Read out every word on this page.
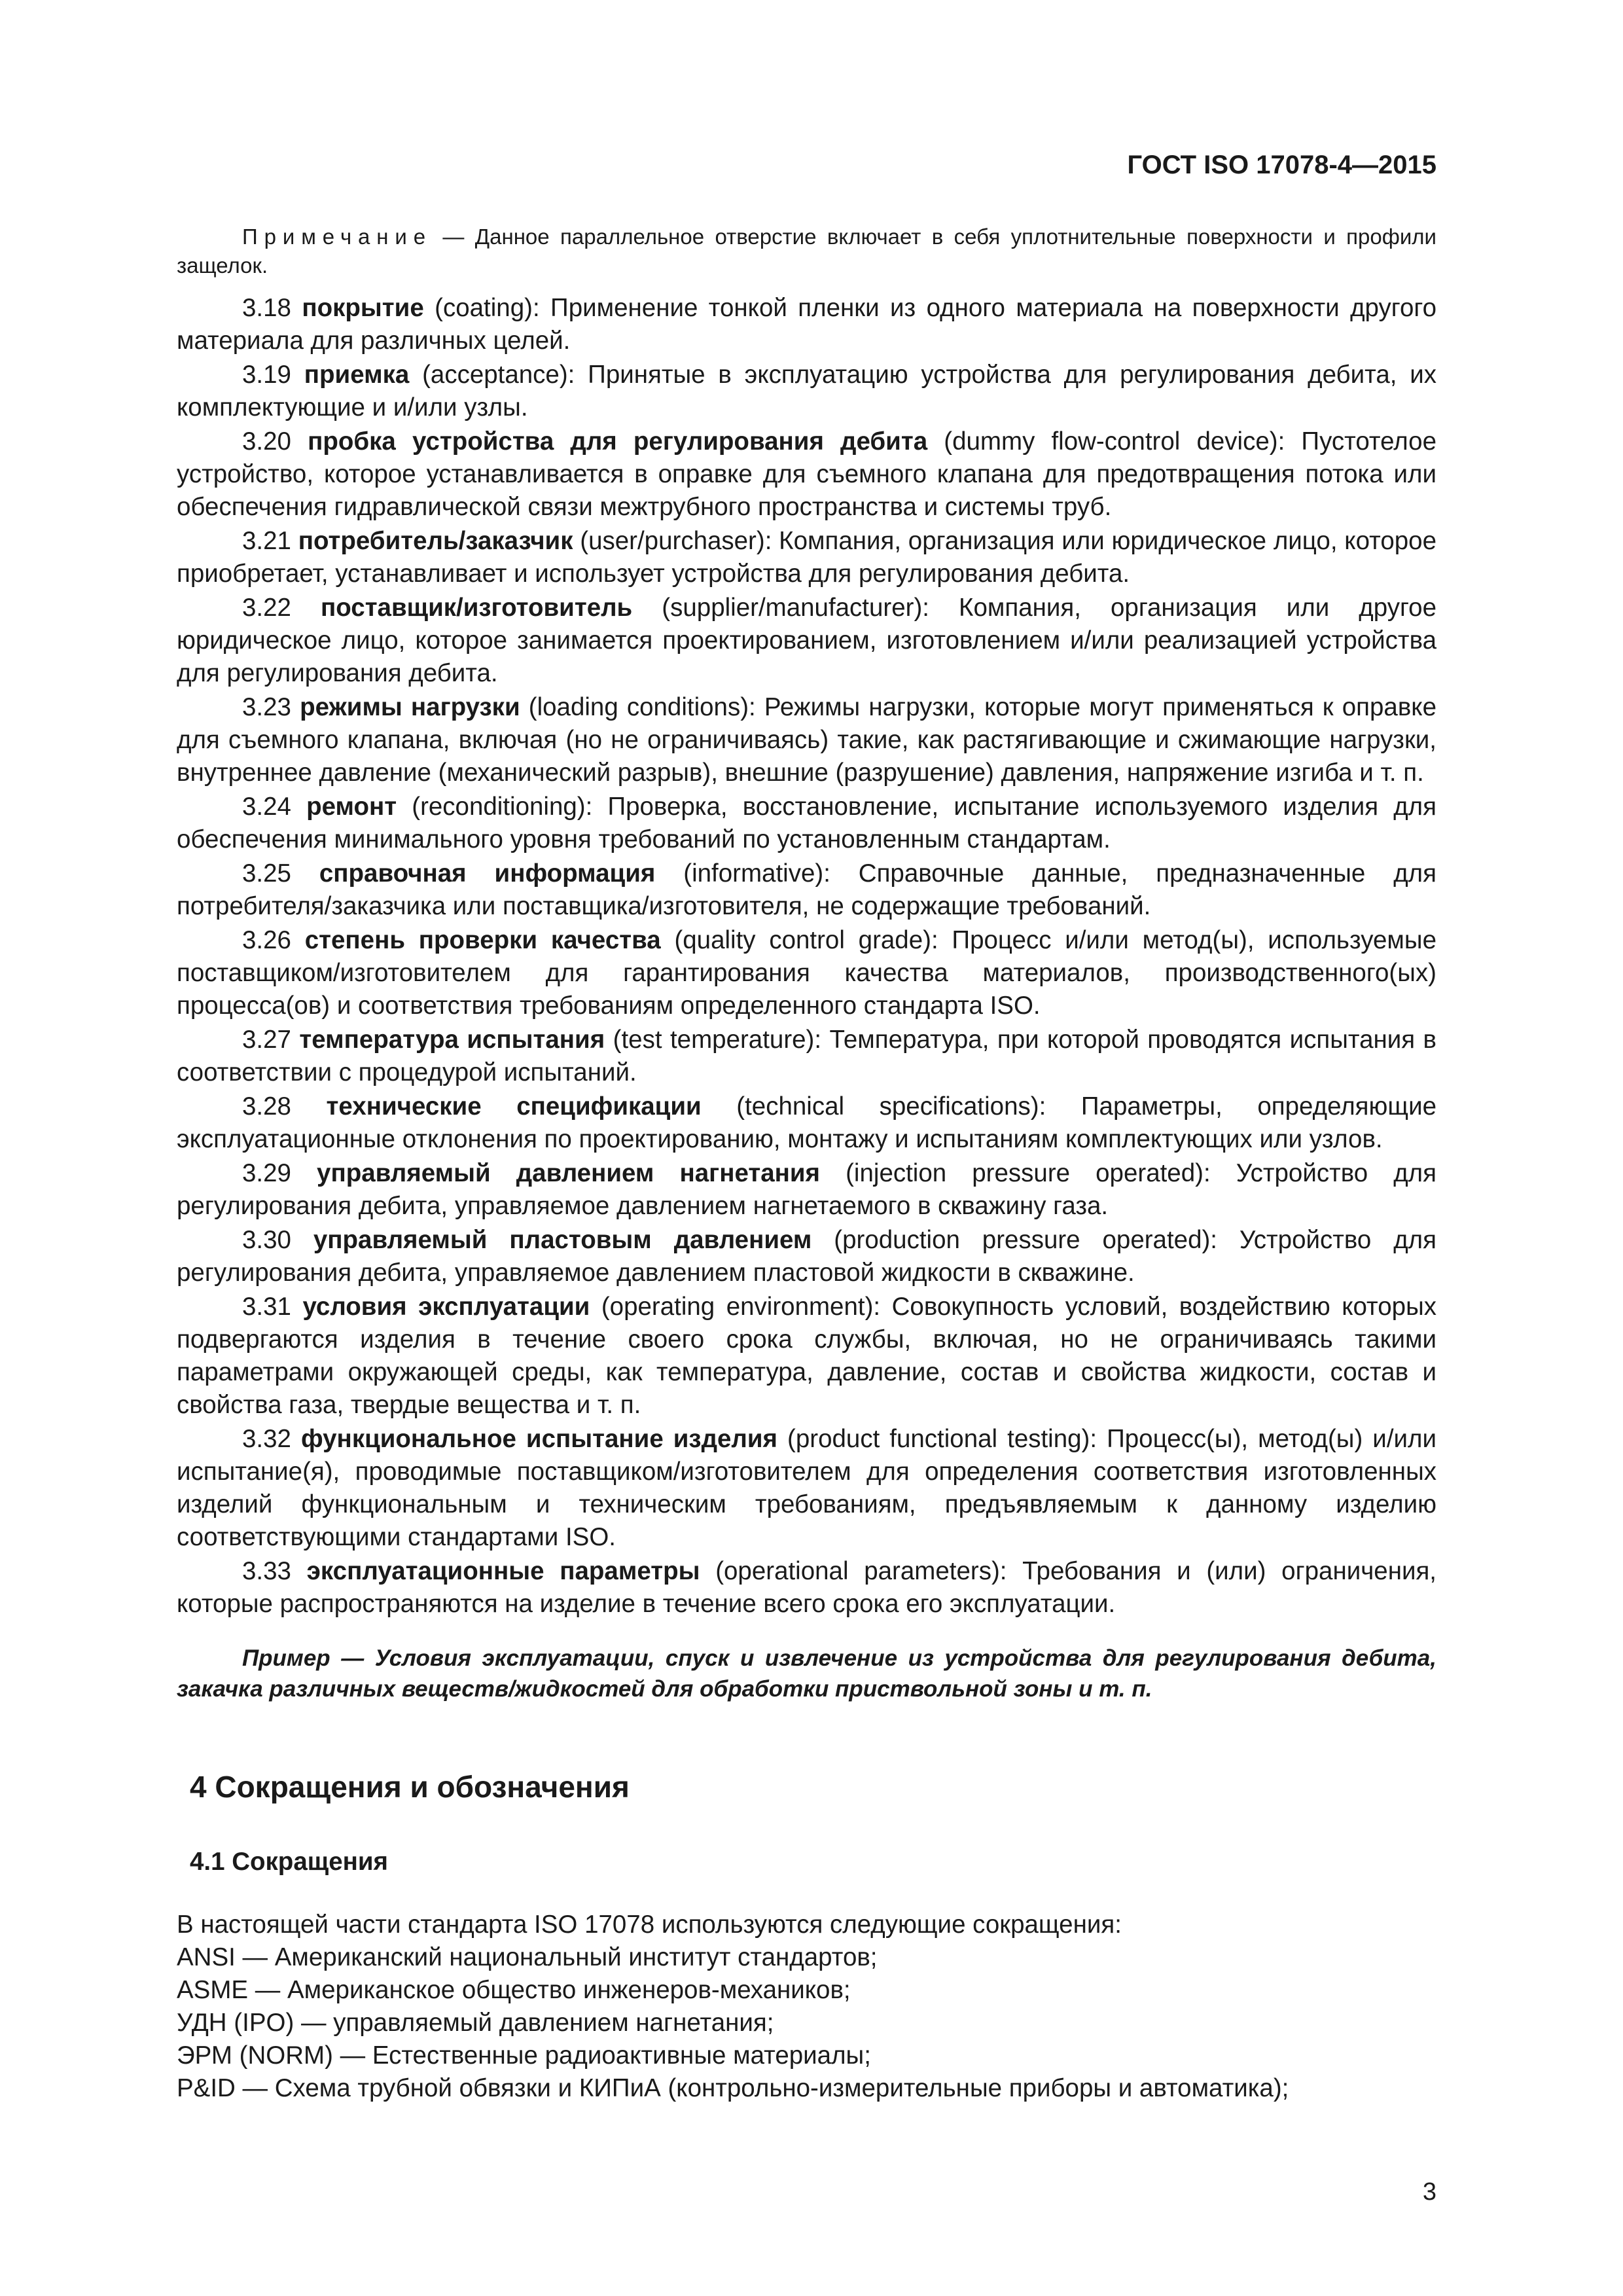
ГОСТ ISO 17078-4—2015

Примечание — Данное параллельное отверстие включает в себя уплотнительные поверхности и профили защелок.

3.18 покрытие (coating): Применение тонкой пленки из одного материала на поверхности другого материала для различных целей.

3.19 приемка (acceptance): Принятые в эксплуатацию устройства для регулирования дебита, их комплектующие и и/или узлы.

3.20 пробка устройства для регулирования дебита (dummy flow-control device): Пустотелое устройство, которое устанавливается в оправке для съемного клапана для предотвращения потока или обеспечения гидравлической связи межтрубного пространства и системы труб.

3.21 потребитель/заказчик (user/purchaser): Компания, организация или юридическое лицо, которое приобретает, устанавливает и использует устройства для регулирования дебита.

3.22 поставщик/изготовитель (supplier/manufacturer): Компания, организация или другое юридическое лицо, которое занимается проектированием, изготовлением и/или реализацией устройства для регулирования дебита.

3.23 режимы нагрузки (loading conditions): Режимы нагрузки, которые могут применяться к оправке для съемного клапана, включая (но не ограничиваясь) такие, как растягивающие и сжимающие нагрузки, внутреннее давление (механический разрыв), внешние (разрушение) давления, напряжение изгиба и т. п.

3.24 ремонт (reconditioning): Проверка, восстановление, испытание используемого изделия для обеспечения минимального уровня требований по установленным стандартам.

3.25 справочная информация (informative): Справочные данные, предназначенные для потребителя/заказчика или поставщика/изготовителя, не содержащие требований.

3.26 степень проверки качества (quality control grade): Процесс и/или метод(ы), используемые поставщиком/изготовителем для гарантирования качества материалов, производственного(ых) процесса(ов) и соответствия требованиям определенного стандарта ISO.

3.27 температура испытания (test temperature): Температура, при которой проводятся испытания в соответствии с процедурой испытаний.

3.28 технические спецификации (technical specifications): Параметры, определяющие эксплуатационные отклонения по проектированию, монтажу и испытаниям комплектующих или узлов.

3.29 управляемый давлением нагнетания (injection pressure operated): Устройство для регулирования дебита, управляемое давлением нагнетаемого в скважину газа.

3.30 управляемый пластовым давлением (production pressure operated): Устройство для регулирования дебита, управляемое давлением пластовой жидкости в скважине.

3.31 условия эксплуатации (operating environment): Совокупность условий, воздействию которых подвергаются изделия в течение своего срока службы, включая, но не ограничиваясь такими параметрами окружающей среды, как температура, давление, состав и свойства жидкости, состав и свойства газа, твердые вещества и т. п.

3.32 функциональное испытание изделия (product functional testing): Процесс(ы), метод(ы) и/или испытание(я), проводимые поставщиком/изготовителем для определения соответствия изготовленных изделий функциональным и техническим требованиям, предъявляемым к данному изделию соответствующими стандартами ISO.

3.33 эксплуатационные параметры (operational parameters): Требования и (или) ограничения, которые распространяются на изделие в течение всего срока его эксплуатации.

Пример — Условия эксплуатации, спуск и извлечение из устройства для регулирования дебита, закачка различных веществ/жидкостей для обработки приствольной зоны и т. п.

4 Сокращения и обозначения
4.1 Сокращения

В настоящей части стандарта ISO 17078 используются следующие сокращения:

ANSI — Американский национальный институт стандартов;

ASME — Американское общество инженеров-механиков;

УДН (IPO) — управляемый давлением нагнетания;

ЭРМ (NORM) — Естественные радиоактивные материалы;

P&ID — Схема трубной обвязки и КИПиА (контрольно-измерительные приборы и автоматика);

3
